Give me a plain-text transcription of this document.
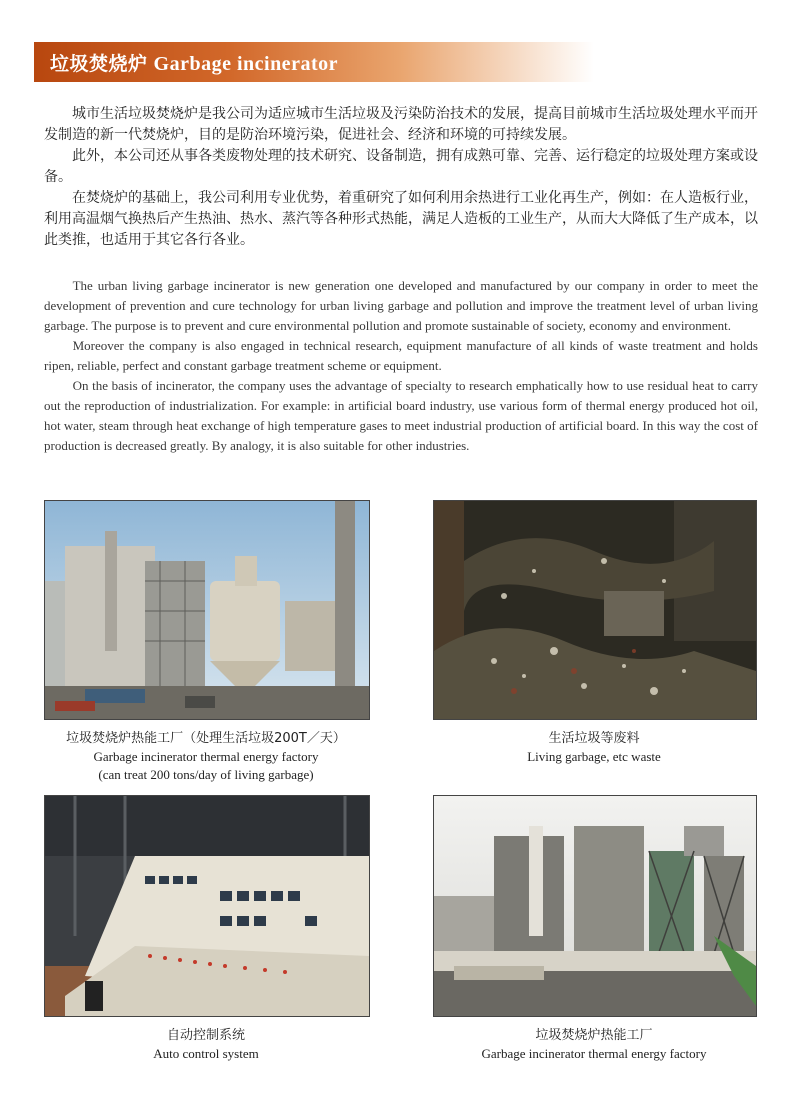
垃圾焚烧炉 Garbage incinerator

城市生活垃圾焚烧炉是我公司为适应城市生活垃圾及污染防治技术的发展，提高目前城市生活垃圾处理水平而开发制造的新一代焚烧炉，目的是防治环境污染，促进社会、经济和环境的可持续发展。

此外，本公司还从事各类废物处理的技术研究、设备制造，拥有成熟可靠、完善、运行稳定的垃圾处理方案或设备。

在焚烧炉的基础上，我公司利用专业优势，着重研究了如何利用余热进行工业化再生产，例如：在人造板行业，利用高温烟气换热后产生热油、热水、蒸汽等各种形式热能，满足人造板的工业生产，从而大大降低了生产成本，以此类推，也适用于其它各行各业。

The urban living garbage incinerator is new generation one developed and manufactured by our company in order to meet the development of prevention and cure technology for urban living garbage and pollution and improve the treatment level of urban living garbage. The purpose is to prevent and cure environmental pollution and promote sustainable of society, economy and environment.

Moreover the company is also engaged in technical research, equipment manufacture of all kinds of waste treatment and holds ripen, reliable, perfect and constant garbage treatment scheme or equipment.

On the basis of incinerator, the company uses the advantage of specialty to research emphatically how to use residual heat to carry out the reproduction of industrialization. For example: in artificial board industry, use various form of thermal energy produced hot oil, hot water, steam through heat exchange of high temperature gases to meet industrial production of artificial board. In this way the cost of production is decreased greatly. By analogy, it is also suitable for other industries.

垃圾焚烧炉热能工厂（处理生活垃圾200T／天）
Garbage incinerator thermal energy factory
(can treat 200 tons/day of living garbage)
生活垃圾等废料
Living garbage, etc waste
自动控制系统
Auto control system
垃圾焚烧炉热能工厂
Garbage incinerator thermal energy factory
